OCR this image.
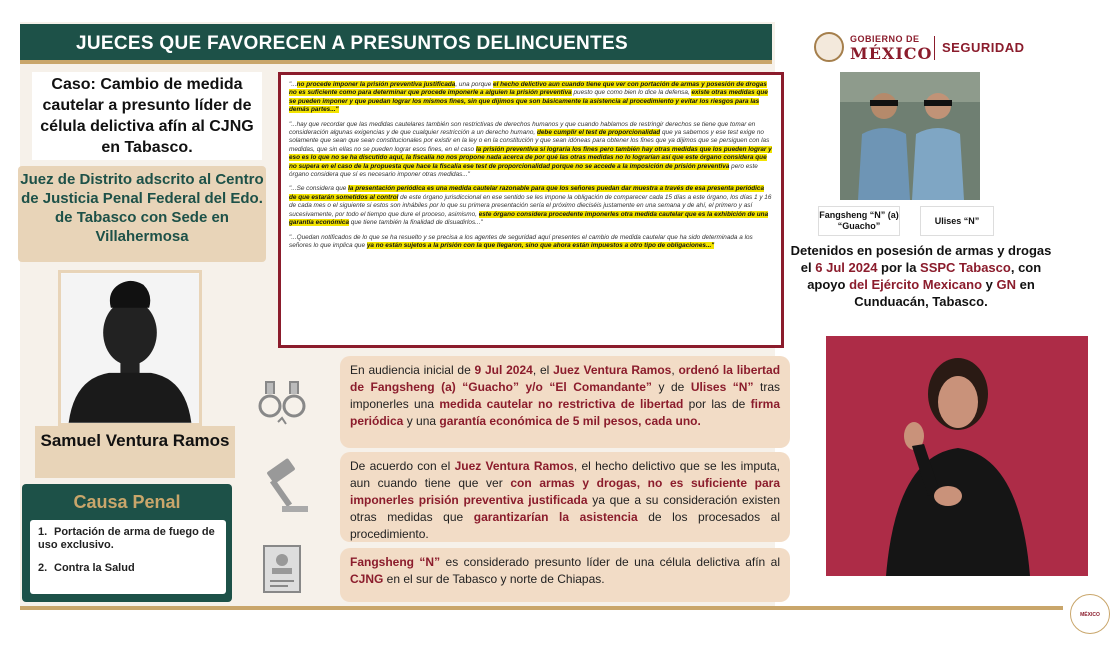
JUECES QUE FAVORECEN A PRESUNTOS DELINCUENTES

Caso: Cambio de medida cautelar a presunto líder de célula delictiva afín al CJNG en Tabasco.

Juez de Distrito adscrito al Centro de Justicia Penal Federal del Edo. de Tabasco con Sede en Villahermosa

Samuel Ventura Ramos

Causa Penal
1. Portación de arma de fuego de uso exclusivo.
2. Contra la Salud

"...no procede imponer la prisión preventiva justificada, una porque el hecho delictivo aun cuando tiene que ver con portación de armas y posesión de drogas no es suficiente como para determinar que procede imponerle a alguien la prisión preventiva puesto que como bien lo dice la defensa, existe otras medidas que se pueden imponer y que puedan lograr los mismos fines, sin que dijimos que son básicamente la asistencia al procedimiento y evitar los riesgos para las demás partes..."

"...hay que recordar que las medidas cautelares también son restrictivas de derechos humanos y que cuando hablamos de restringir derechos se tiene que tomar en consideración algunas exigencias y de que cualquier restricción a un derecho humano, debe cumplir el test de proporcionalidad que ya sabemos y ese test exige no solamente que sean que sean constitucionales por existir en la ley o en la constitución y que sean idóneas para obtener los fines que ya dijimos que se persiguen con las medidas, que sin ellas no se pueden lograr esos fines, en el caso la prisión preventiva sí lograría los fines pero también hay otras medidas que los pueden lograr y eso es lo que no se ha discutido aquí, la fiscalía no nos propone nada acerca de por qué las otras medidas no lo lograrían así que este órgano considera que no supera en el caso de la propuesta que hace la fiscalía ese test de proporcionalidad porque no se accede a la imposición de prisión preventiva pero este órgano considera que sí es necesario imponer otras medidas..."

"...Se considera que la presentación periódica es una medida cautelar razonable para que los señores puedan dar muestra a través de esa presenta periódica de que estarán sometidos al control de este órgano jurisdiccional en ese sentido se les impone la obligación de comparecer cada 15 días a este órgano, los días 1 y 16 de cada mes o el siguiente si estos son inhábiles por lo que su primera presentación sería el próximo dieciséis justamente en una semana y de ahí, el primero y así sucesivamente, por todo el tiempo que dure el proceso, asimismo, este órgano considera procedente imponerles otra medida cautelar que es la exhibición de una garantía económica que tiene también la finalidad de disuadirlos..."

"...Quedan notificados de lo que se ha resuelto y se precisa a los agentes de seguridad aquí presentes el cambio de medida cautelar que ha sido determinada a los señores lo que implica que ya no están sujetos a la prisión con la que llegaron, sino que ahora están impuestos a otro tipo de obligaciones..."

En audiencia inicial de 9 Jul 2024, el Juez Ventura Ramos, ordenó la libertad de Fangsheng (a) “Guacho” y/o “El Comandante” y de Ulises “N” tras imponerles una medida cautelar no restrictiva de libertad por las de firma periódica y una garantía económica de 5 mil pesos, cada uno.

De acuerdo con el Juez Ventura Ramos, el hecho delictivo que se les imputa, aun cuando tiene que ver con armas y drogas, no es suficiente para imponerles prisión preventiva justificada ya que a su consideración existen otras medidas que garantizarían la asistencia de los procesados al procedimiento.

Fangsheng “N” es considerado presunto líder de una célula delictiva afín al CJNG en el sur de Tabasco y norte de Chiapas.

GOBIERNO DE
MÉXICO SEGURIDAD
Fangsheng “N” (a) “Guacho”	Ulises “N”

Detenidos en posesión de armas y drogas el 6 Jul 2024 por la SSPC Tabasco, con apoyo del Ejército Mexicano y GN en Cunduacán, Tabasco.

MÉXICO
